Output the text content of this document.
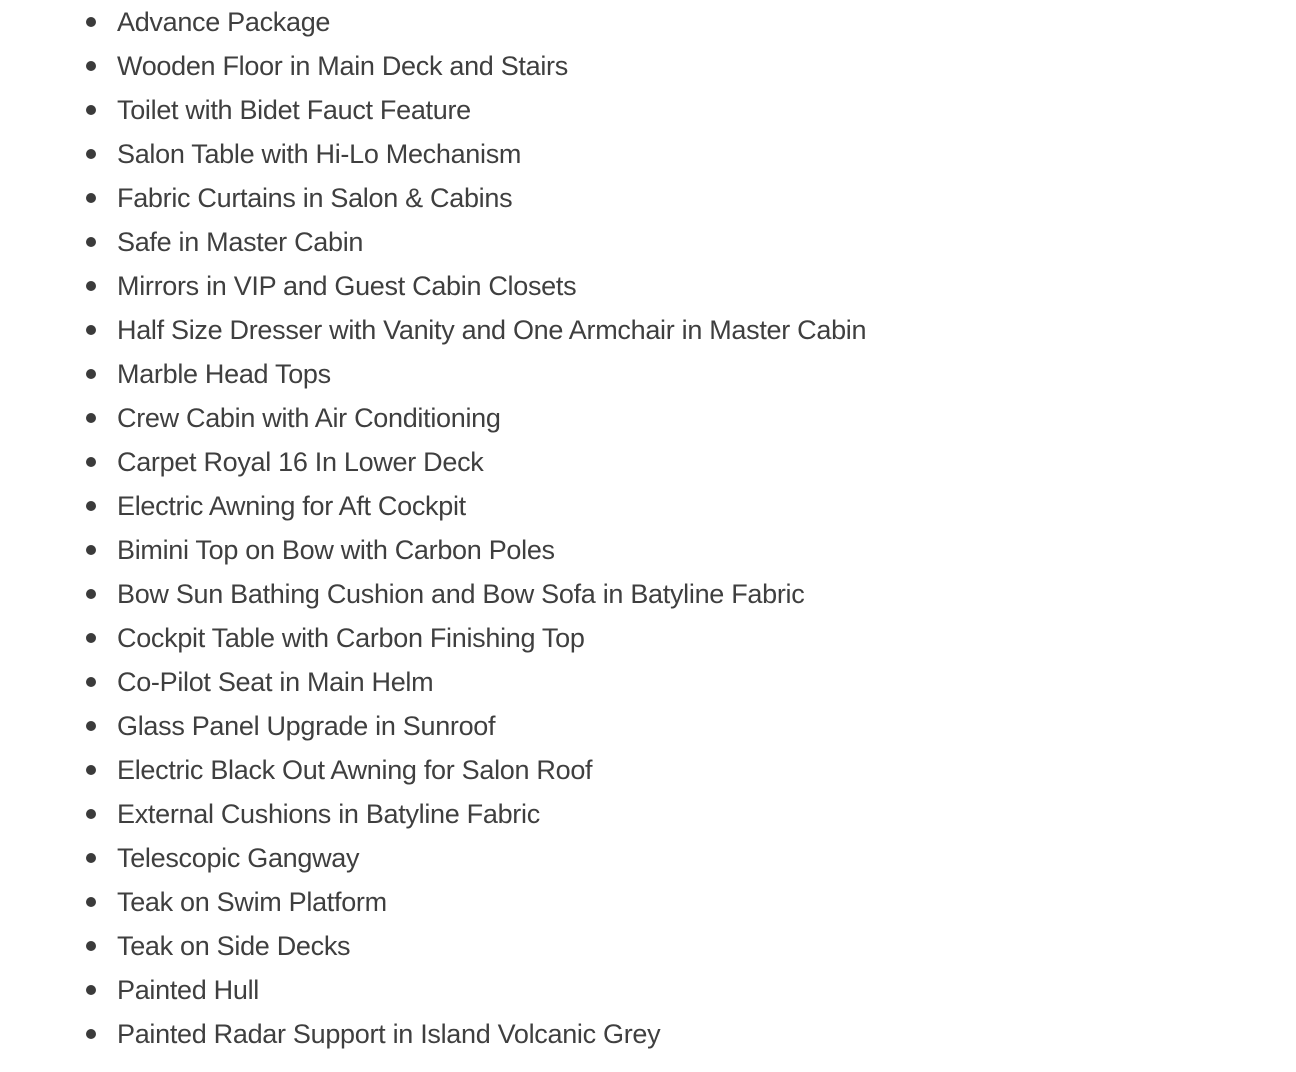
Advance Package
Wooden Floor in Main Deck and Stairs
Toilet with Bidet Fauct Feature
Salon Table with Hi-Lo Mechanism
Fabric Curtains in Salon & Cabins
Safe in Master Cabin
Mirrors in VIP and Guest Cabin Closets
Half Size Dresser with Vanity and One Armchair in Master Cabin
Marble Head Tops
Crew Cabin with Air Conditioning
Carpet Royal 16 In Lower Deck
Electric Awning for Aft Cockpit
Bimini Top on Bow with Carbon Poles
Bow Sun Bathing Cushion and Bow Sofa in Batyline Fabric
Cockpit Table with Carbon Finishing Top
Co-Pilot Seat in Main Helm
Glass Panel Upgrade in Sunroof
Electric Black Out Awning for Salon Roof
External Cushions in Batyline Fabric
Telescopic Gangway
Teak on Swim Platform
Teak on Side Decks
Painted Hull
Painted Radar Support in Island Volcanic Grey
